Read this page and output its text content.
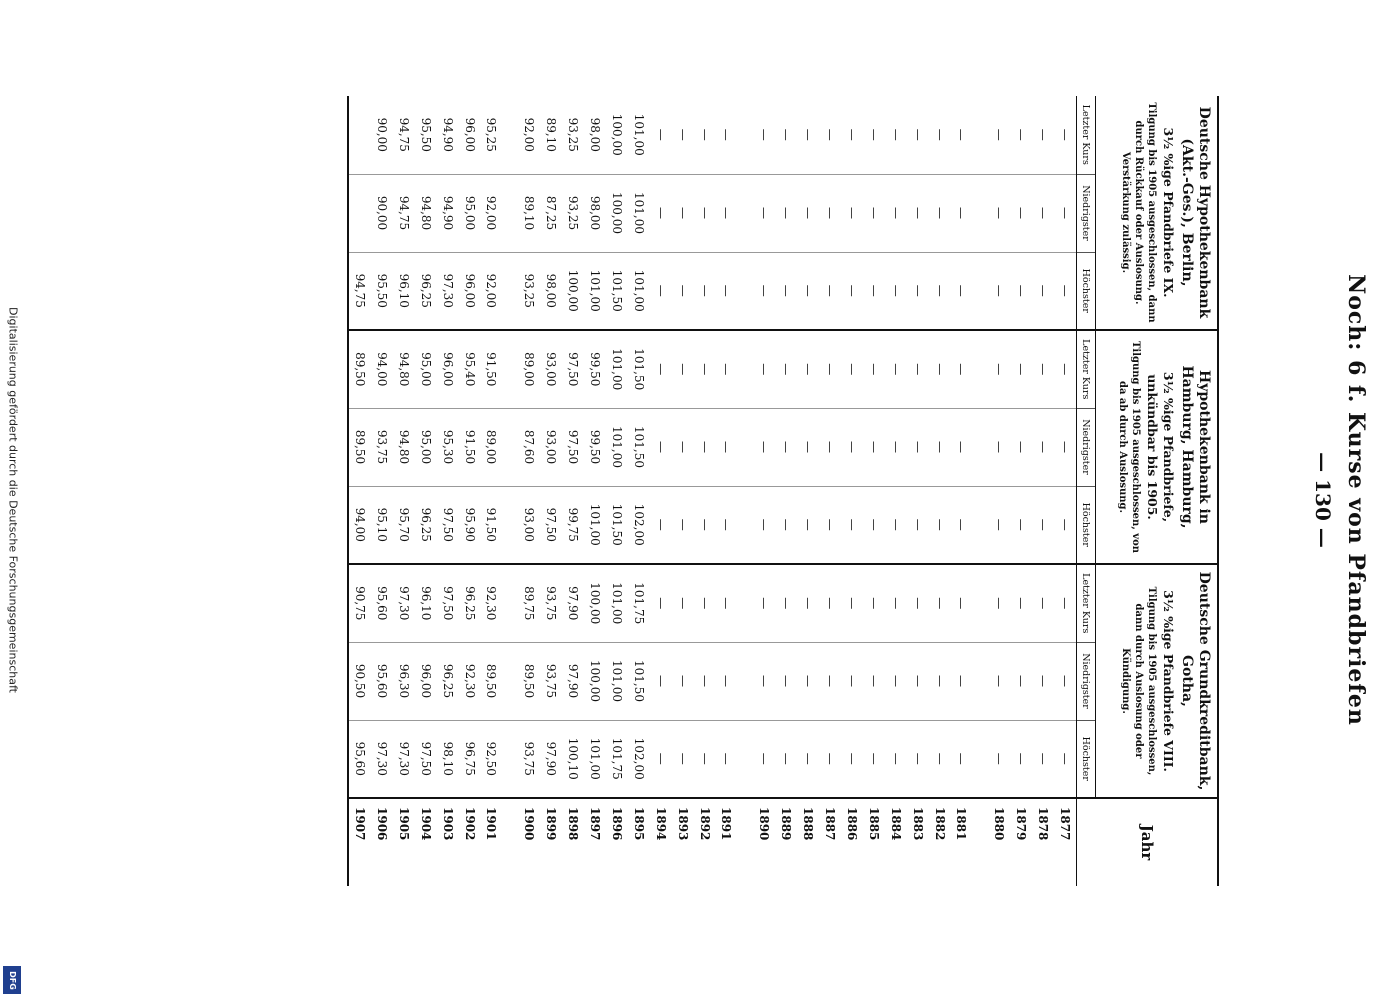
Digitalisierung gefördert durch die Deutsche Forschungsgemeinschaft
DFG
Noch: 6 f. Kurse von Pfandbriefen
— 130 —
Deutsche Hypothekenbank (Akt.-Ges.), Berlin,
3½ %ige Pfandbriefe IX.
Tilgung bis 1905 ausgeschlossen, dann durch Rückkauf oder Auslosung. Verstärkung zulässig.			Hypothekenbank in Hamburg, Hamburg,
3½ %ige Pfandbriefe, unkündbar bis 1905.
Tilgung bis 1905 ausgeschlossen, von da ab durch Auslosung.			Deutsche Grundkreditbank, Gotha,
3½ %ige Pfandbriefe VIII.
Tilgung bis 1905 ausgeschlossen, dann durch Auslosung oder Kündigung.			Jahr
Letzter Kurs	Niedrigster	Höchster	Letzter Kurs	Niedrigster	Höchster	Letzter Kurs	Niedrigster	Höchster	
—	—	—	—	—	—	—	—	—	1877
—	—	—	—	—	—	—	—	—	1878
—	—	—	—	—	—	—	—	—	1879
—	—	—	—	—	—	—	—	—	1880
—	—	—	—	—	—	—	—	—	1881
—	—	—	—	—	—	—	—	—	1882
—	—	—	—	—	—	—	—	—	1883
—	—	—	—	—	—	—	—	—	1884
—	—	—	—	—	—	—	—	—	1885
—	—	—	—	—	—	—	—	—	1886
—	—	—	—	—	—	—	—	—	1887
—	—	—	—	—	—	—	—	—	1888
—	—	—	—	—	—	—	—	—	1889
—	—	—	—	—	—	—	—	—	1890
—	—	—	—	—	—	—	—	—	1891
—	—	—	—	—	—	—	—	—	1892
—	—	—	—	—	—	—	—	—	1893
—	—	—	—	—	—	—	—	—	1894
101,00	101,00	101,00	101,50	101,50	102,00	101,75	101,50	102,00	1895
100,00	100,00	101,50	101,00	101,00	101,50	101,00	101,00	101,75	1896
98,00	98,00	101,00	99,50	99,50	101,00	100,00	100,00	101,00	1897
93,25	93,25	100,00	97,50	97,50	99,75	97,90	97,90	100,10	1898
89,10	87,25	98,00	93,00	93,00	97,50	93,75	93,75	97,90	1899
92,00	89,10	93,25	89,00	87,60	93,00	89,75	89,50	93,75	1900
95,25	92,00	92,00	91,50	89,00	91,50	92,30	89,50	92,50	1901
96,00	95,00	96,00	95,40	91,50	95,90	96,25	92,30	96,75	1902
94,90	94,90	97,30	96,00	95,30	97,50	97,50	96,25	98,10	1903
95,50	94,80	96,25	95,00	95,00	96,25	96,10	96,00	97,50	1904
94,75	94,75	96,10	94,80	94,80	95,70	97,30	96,30	97,30	1905
90,00	90,00	95,50	94,00	93,75	95,10	95,60	95,60	97,30	1906
		94,75	89,50	89,50	94,00	90,75	90,50	95,60	1907
